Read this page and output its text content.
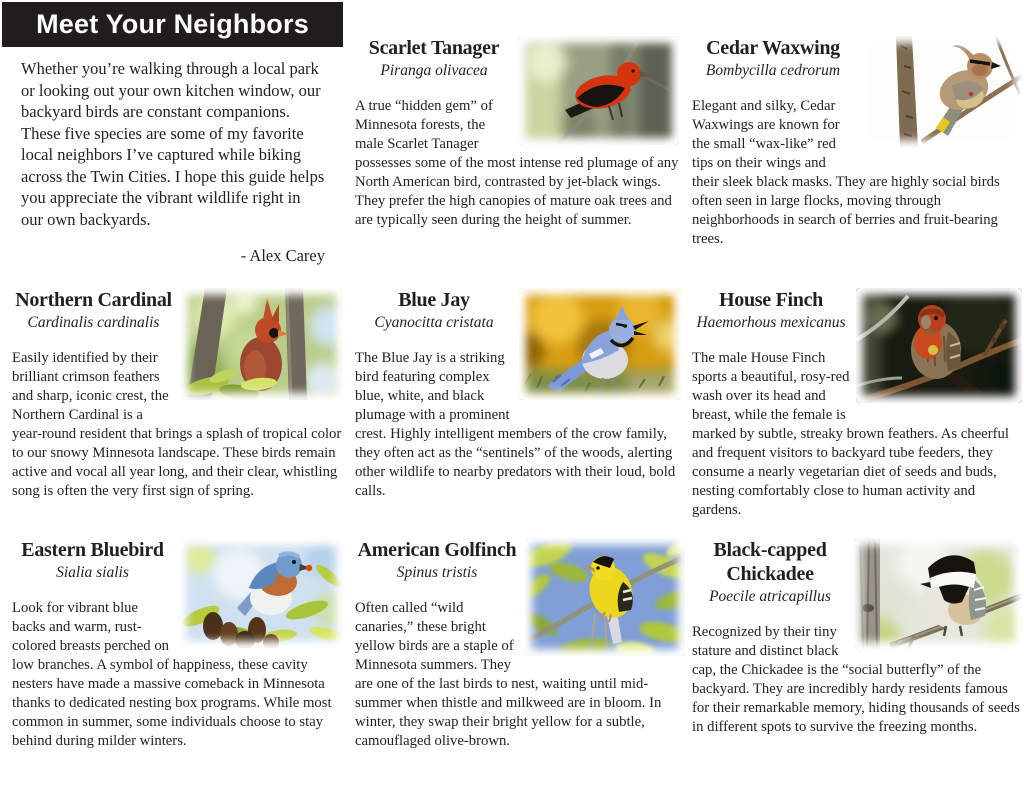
Meet Your Neighbors

Whether you’re walking through a local park or looking out your own kitchen window, our backyard birds are constant companions. These five species are some of my favorite local neighbors I’ve captured while biking across the Twin Cities. I hope this guide helps you appreciate the vibrant wildlife right in our own backyards.

- Alex Carey
Scarlet Tanager
Piranga olivacea

A true “hidden gem” of Minnesota forests, the male Scarlet Tanager possesses some of the most intense red plumage of any North American bird, contrasted by jet-black wings. They prefer the high canopies of mature oak trees and are typically seen during the height of summer.

Cedar Waxwing
Bombycilla cedrorum

Elegant and silky, Cedar Waxwings are known for the small “wax-like” red tips on their wings and their sleek black masks. They are highly social birds often seen in large flocks, moving through neighborhoods in search of berries and fruit-bearing trees.

Northern Cardinal
Cardinalis cardinalis

Easily identified by their brilliant crimson feathers and sharp, iconic crest, the Northern Cardinal is a year-round resident that brings a splash of tropical color to our snowy Minnesota landscape. These birds remain active and vocal all year long, and their clear, whistling song is often the very first sign of spring.

Blue Jay
Cyanocitta cristata

The Blue Jay is a striking bird featuring complex blue, white, and black plumage with a prominent crest. Highly intelligent members of the crow family, they often act as the “sentinels” of the woods, alerting other wildlife to nearby predators with their loud, bold calls.

House Finch
Haemorhous mexicanus

The male House Finch sports a beautiful, rosy-red wash over its head and breast, while the female is marked by subtle, streaky brown feathers. As cheerful and frequent visitors to backyard tube feeders, they consume a nearly vegetarian diet of seeds and buds, nesting comfortably close to human activity and gardens.

Eastern Bluebird
Sialia sialis

Look for vibrant blue backs and warm, rust-colored breasts perched on low branches. A symbol of happiness, these cavity nesters have made a massive comeback in Minnesota thanks to dedicated nesting box programs. While most common in summer, some individuals choose to stay behind during milder winters.

American Golfinch
Spinus tristis

Often called “wild canaries,” these bright yellow birds are a staple of Minnesota summers. They are one of the last birds to nest, waiting until mid-summer when thistle and milkweed are in bloom. In winter, they swap their bright yellow for a subtle, camouflaged olive-brown.

Black-capped Chickadee
Poecile atricapillus

Recognized by their tiny stature and distinct black cap, the Chickadee is the “social butterfly” of the backyard. They are incredibly hardy residents famous for their remarkable memory, hiding thousands of seeds in different spots to survive the freezing months.
